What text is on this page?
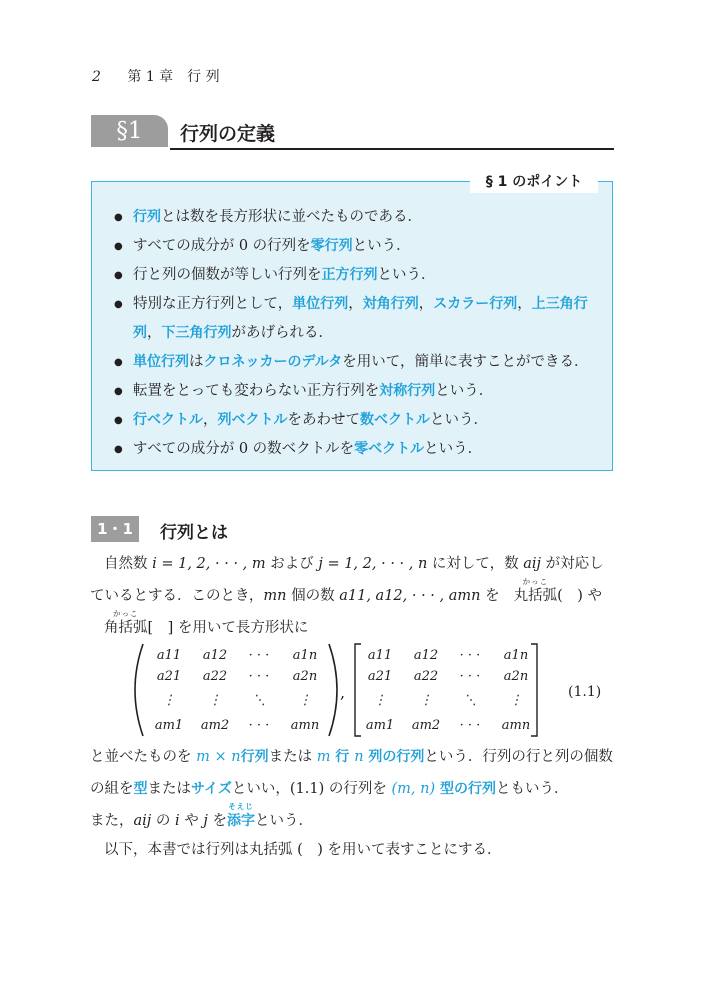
2 第 1 章　行 列
§1	行列の定義
§ 1 のポイント
● 行列とは数を長方形状に並べたものである．
● すべての成分が 0 の行列を零行列という．
● 行と列の個数が等しい行列を正方行列という．
● 特別な正方行列として，単位行列，対角行列，スカラー行列，上三角行列，下三角行列があげられる．
● 単位行列はクロネッカーのデルタを用いて，簡単に表すことができる．
● 転置をとっても変わらない正方行列を対称行列という．
● 行ベクトル，列ベクトルをあわせて数ベクトルという．
● すべての成分が 0 の数ベクトルを零ベクトルという．
1・1	行列とは

自然数 i = 1, 2, · · · , m および j = 1, 2, · · · , n に対して，数 aij が対応しているとする．このとき，mn 個の数 a11, a12, · · · , amn を
かっこ
丸括弧(　) や
かっこ
角括弧[　] を用いて長方形状に

a11	a12	· · ·	a1n
a21	a22	· · ·	a2n
⋮	⋮	⋱	⋮
am1	am2	· · ·	amn
a11	a12	· · ·	a1n
a21	a22	· · ·	a2n
⋮	⋮	⋱	⋮
am1	am2	· · ·	amn
,	(1.1)

と並べたものを m × n行列または m 行 n 列の行列という．行列の行と列の個数の組を型またはサイズといい，(1.1) の行列を (m, n) 型の行列ともいう．

また，aij の i や j を
そえじ
添字という．

以下，本書では行列は丸括弧 (　) を用いて表すことにする．
